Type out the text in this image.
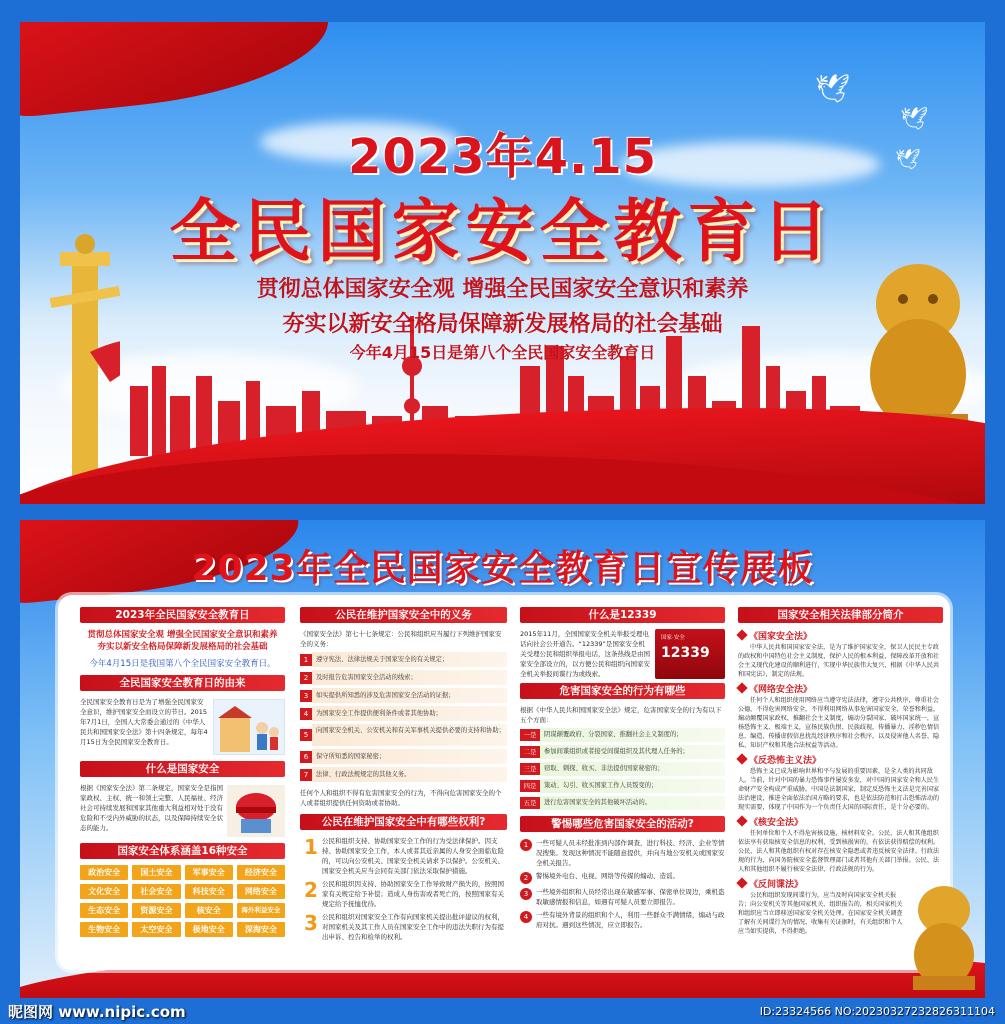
🕊
🕊
🕊
2023年4.15
全民国家安全教育日
贯彻总体国家安全观 增强全民国家安全意识和素养
夯实以新安全格局保障新发展格局的社会基础
今年4月15日是第八个全民国家安全教育日
2023年全民国家安全教育日宣传展板
2023年全民国家安全教育日
贯彻总体国家安全观 增强全民国家安全意识和素养
夯实以新安全格局保障新发展格局的社会基础
今年4月15日是我国第八个全民国家安全教育日。
全民国家安全教育日的由来

全民国家安全教育日是为了增强全民国家安全意识，维护国家安全而设立的节日。2015年7月1日，全国人大常委会通过的《中华人民共和国国家安全法》第十四条规定，每年4月15日为全民国家安全教育日。

什么是国家安全

根据《国家安全法》第二条规定，国家安全是指国家政权、主权、统一和领土完整、人民福祉、经济社会可持续发展和国家其他重大利益相对处于没有危险和不受内外威胁的状态，以及保障持续安全状态的能力。

国家安全体系涵盖16种安全
政治安全	国土安全	军事安全	经济安全
文化安全	社会安全	科技安全	网络安全
生态安全	资源安全	核安全	海外利益安全
生物安全	太空安全	极地安全	深海安全
公民在维护国家安全中的义务

《国家安全法》第七十七条规定：公民和组织应当履行下列维护国家安全的义务：

1	遵守宪法、法律法规关于国家安全的有关规定；
2	及时报告危害国家安全活动的线索；
3	如实提供所知悉的涉及危害国家安全活动的证据；
4	为国家安全工作提供便利条件或者其他协助；
5
向国家安全机关、公安机关和有关军事机关提供必要的支持和协助；
6	保守所知悉的国家秘密；
7	法律、行政法规规定的其他义务。

任何个人和组织不得有危害国家安全的行为，不得向危害国家安全的个人或者组织提供任何资助或者协助。

公民在维护国家安全中有哪些权利?
1 公民和组织支持、协助国家安全工作的行为受法律保护。因支持、协助国家安全工作，本人或者其近亲属的人身安全面临危险的，可以向公安机关、国家安全机关请求予以保护。公安机关、国家安全机关应当会同有关部门依法采取保护措施。

2 公民和组织因支持、协助国家安全工作导致财产损失的，按照国家有关规定给予补偿；造成人身伤害或者死亡的，按照国家有关规定给予抚恤优待。

3 公民和组织对国家安全工作有向国家机关提出批评建议的权利，对国家机关及其工作人员在国家安全工作中的违法失职行为有提出申诉、控告和检举的权利。

什么是12339
国家·安全
12339

2015年11月，全国国家安全机关举报受理电话向社会公开通告。“12339”是国家安全机关受理公民和组织举报电话，这条热线是由国家安全部设立的，以方便公民和组织向国家安全机关举报间谍行为或线索。

危害国家安全的行为有哪些

根据《中华人民共和国国家安全法》规定，危害国家安全的行为有以下五个方面：

一是	阴谋颠覆政府、分裂国家、推翻社会主义制度的；
二是	参加间谍组织或者接受间谍组织及其代理人任务的；
三是	窃取、刺探、收买、非法提供国家秘密的；
四是	策动、勾引、收买国家工作人员叛变的；
五是	进行危害国家安全的其他破坏活动的。
警惕哪些危害国家安全的活动?
1	一些可疑人员未经批准到内部作调查，进行科技、经济、企业等情况搜集。发现这种情况不能随意提供，并向当地公安机关或国家安全机关报告。

2	警惕境外电台、电视、网络等传媒的煽动、造谣。

3	一些境外组织和人员经常出现在敏感军事、保密单位周边，乘机盗取敏感情报和信息，如遇有可疑人员要立即报告。

4	一些有境外背景的组织和个人，利用一些群众不满情绪，煽动与政府对抗。遇到这些情况，应立即报告。

国家安全相关法律部分简介
《国家安全法》

中华人民共和国国家安全法，是为了维护国家安全，保卫人民民主专政的政权和中国特色社会主义制度，保护人民的根本利益，保障改革开放和社会主义现代化建设的顺利进行，实现中华民族伟大复兴，根据《中华人民共和国宪法》，制定的法规。

《网络安全法》

任何个人和组织使用网络应当遵守宪法法律，遵守公共秩序，尊重社会公德，不得危害网络安全，不得利用网络从事危害国家安全、荣誉和利益，煽动颠覆国家政权、推翻社会主义制度，煽动分裂国家、破坏国家统一，宣扬恐怖主义、极端主义，宣扬民族仇恨、民族歧视，传播暴力、淫秽色情信息，编造、传播虚假信息扰乱经济秩序和社会秩序，以及侵害他人名誉、隐私、知识产权和其他合法权益等活动。

《反恐怖主义法》

恐怖主义已成为影响世界和平与发展的重要因素，是全人类的共同敌人。当前，针对中国的暴力恐怖事件屡发多发，对中国的国家安全和人民生命财产安全构成严重威胁。中国是法制国家，制定反恐怖主义法是完善国家法治建设，推进全面依法治国方略的要求，也是依法防范和打击恐怖活动的现实需要，体现了中国作为一个负责任大国的国际责任，是十分必要的。

《核安全法》

任何单位和个人不得危害核设施、核材料安全。公民、法人和其他组织依法享有获取核安全信息的权利，受到核损害的，有依法获得赔偿的权利。公民、法人和其他组织有权对存在核安全隐患或者违反核安全法律、行政法规的行为，向国务院核安全监督管理部门或者其他有关部门举报。公民、法人和其他组织不履行核安全法律、行政法规的行为。

《反间谍法》

公民和组织发现间谍行为，应当及时向国家安全机关报告；向公安机关等其他国家机关、组织报告的，相关国家机关和组织应当立即移送国家安全机关处理。在国家安全机关调查了解有关间谍行为的情况、收集有关证据时，有关组织和个人应当如实提供，不得拒绝。

昵图网 www.nipic.com	ID:23324566 NO:20230327232826311104
